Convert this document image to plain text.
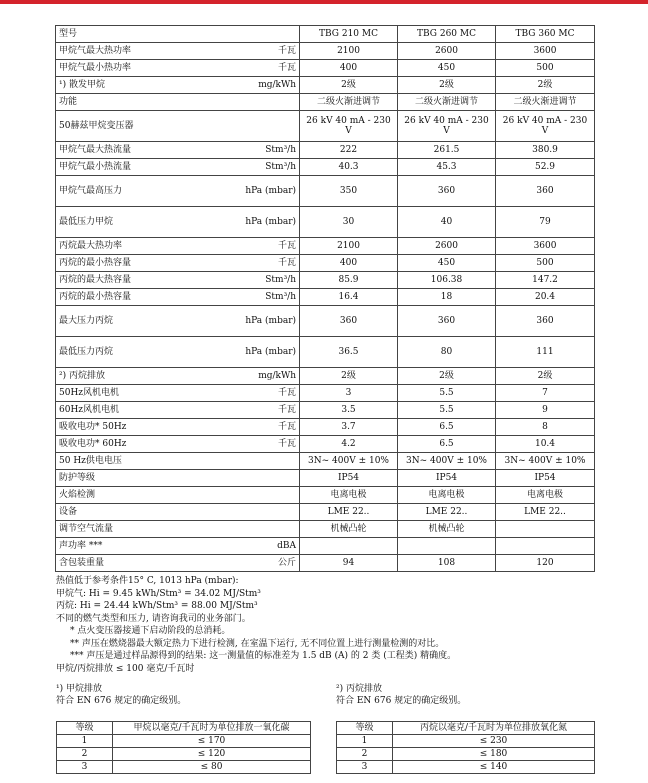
型号		TBG 210 MC	TBG 260 MC	TBG 360 MC
甲烷气最大热功率	千瓦	2100	2600	3600
甲烷气最小热功率	千瓦	400	450	500
¹) 散发甲烷	mg/kWh	2级	2级	2级
功能		二级火渐进调节	二级火渐进调节	二级火渐进调节
50赫兹甲烷变压器		26 kV 40 mA - 230 V	26 kV 40 mA - 230 V	26 kV 40 mA - 230 V
甲烷气最大热流量	Stm³/h	222	261.5	380.9
甲烷气最小热流量	Stm³/h	40.3	45.3	52.9
甲烷气最高压力	hPa (mbar)	350	360	360
最低压力甲烷	hPa (mbar)	30	40	79
丙烷最大热功率	千瓦	2100	2600	3600
丙烷的最小热容量	千瓦	400	450	500
丙烷的最大热容量	Stm³/h	85.9	106.38	147.2
丙烷的最小热容量	Stm³/h	16.4	18	20.4
最大压力丙烷	hPa (mbar)	360	360	360
最低压力丙烷	hPa (mbar)	36.5	80	111
²) 丙烷排放	mg/kWh	2级	2级	2级
50Hz风机电机	千瓦	3	5.5	7
60Hz风机电机	千瓦	3.5	5.5	9
吸收电功* 50Hz	千瓦	3.7	6.5	8
吸收电功* 60Hz	千瓦	4.2	6.5	10.4
50 Hz供电电压		3N~ 400V ± 10%	3N~ 400V ± 10%	3N~ 400V ± 10%
防护等级		IP54	IP54	IP54
火焰检测		电离电极	电离电极	电离电极
设备		LME 22..	LME 22..	LME 22..
调节空气流量		机械凸轮	机械凸轮	
声功率 ***	dBA			
含包装重量	公斤	94	108	120
热值低于参考条件15° C, 1013 hPa (mbar):
甲烷气: Hi = 9.45 kWh/Stm³ = 34.02 MJ/Stm³
丙烷: Hi = 24.44 kWh/Stm³ = 88.00 MJ/Stm³
不同的燃气类型和压力, 请咨询我司的业务部门。
* 点火变压器接通下启动阶段的总消耗。
** 声压在燃烧器最大额定热力下进行检测, 在室温下运行, 无不同位置上进行测量检测的对比。
*** 声压是通过样品源得到的结果: 这一测量值的标准差为 1.5 dB (A) 的 2 类 (工程类) 精确度。
甲烷/丙烷排放 ≤ 100 毫克/千瓦时
¹) 甲烷排放
符合 EN 676 规定的确定级别。
²) 丙烷排放
符合 EN 676 规定的确定级别。
等级	甲烷以毫克/千瓦时为单位排放一氧化碳
1	≤ 170
2	≤ 120
3	≤ 80
等级	丙烷以毫克/千瓦时为单位排放氧化氮
1	≤ 230
2	≤ 180
3	≤ 140
